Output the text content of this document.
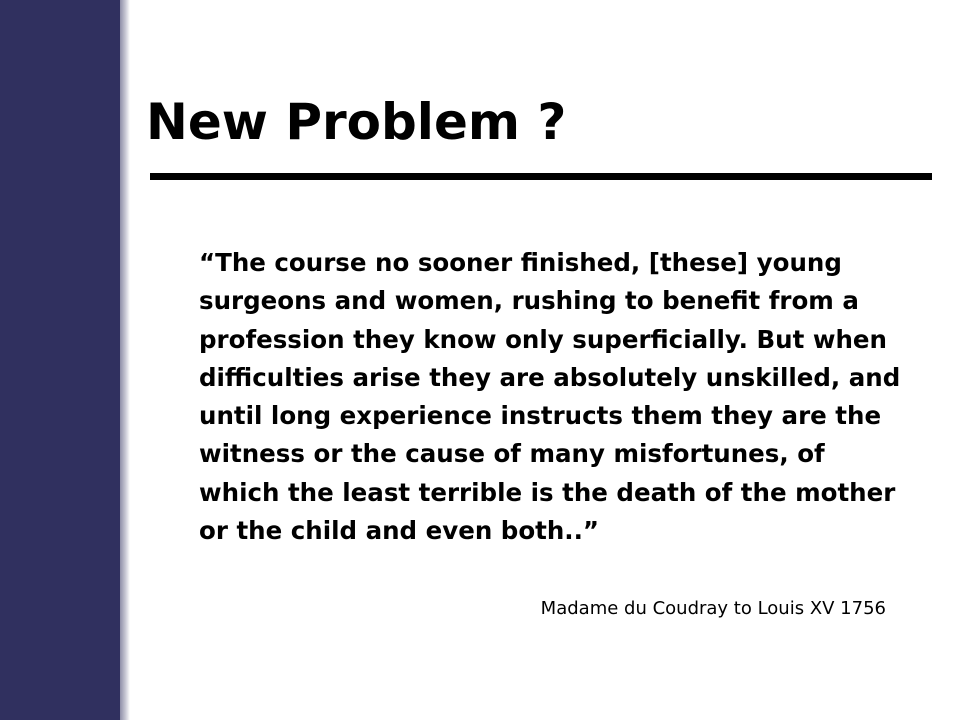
New Problem ?

“The course no sooner finished, [these] young surgeons and women, rushing to benefit from a profession they know only superficially. But when difficulties arise they are absolutely unskilled, and until long experience instructs them they are the witness or the cause of many misfortunes, of which the least terrible is the death of the mother or the child and even both..”

Madame du Coudray to Louis XV 1756
